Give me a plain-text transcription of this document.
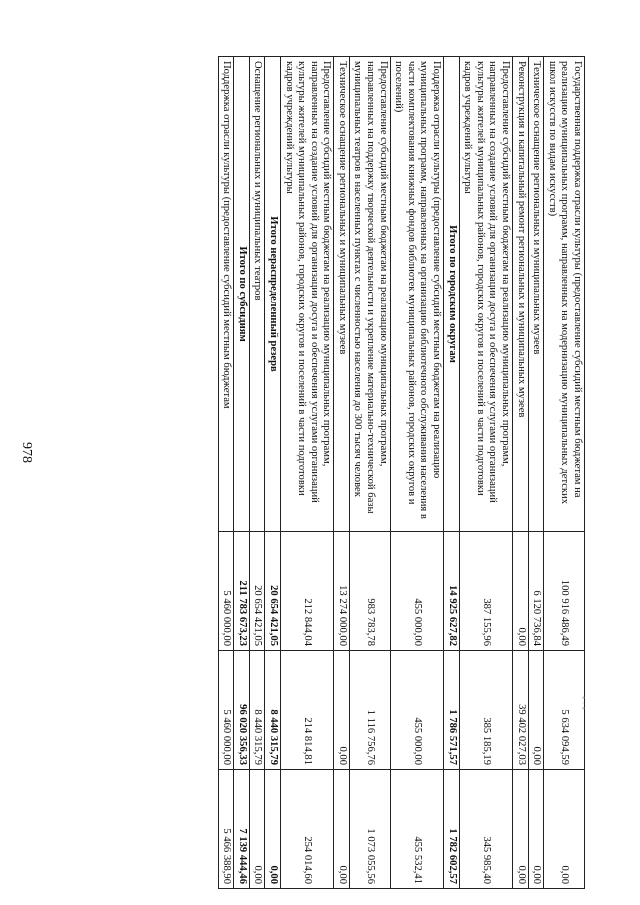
978	Государственная поддержка отрасли культуры (предоставление субсидий местным бюджетам на реализацию муниципальных программ, направленных на модернизацию муниципальных детских школ искусств по видам искусств)	100 916 486,49	5 634 094,59	0,00
Техническое оснащение региональных и муниципальных музеев	6 120 736,84	0,00	0,00
Реконструкция и капитальный ремонт региональных и муниципальных музеев	0,00	39 402 027,03	0,00
Предоставление субсидий местным бюджетам на реализацию муниципальных программ, направленных на создание условий для организации досуга и обеспечения услугами организаций культуры жителей муниципальных районов, городских округов и поселений в части подготовки кадров учреждений культуры	387 155,96	385 185,19	345 985,40
Итого по городским округам	14 925 627,82	1 786 571,57	1 782 602,57
Поддержка отрасли культуры (предоставление субсидий местным бюджетам на реализацию муниципальных программ, направленных на организацию библиотечного обслуживания населения в части комплектования книжных фондов библиотек муниципальных районов, городских округов и поселений)	455 000,00	455 000,00	455 532,41
Предоставление субсидий местным бюджетам на реализацию муниципальных программ, направленных на поддержку творческой деятельности и укрепление материально-технической базы муниципальных театров в населенных пунктах с численностью населения до 300 тысяч человек	983 783,78	1 116 756,76	1 073 055,56
Техническое оснащение региональных и муниципальных музеев	13 274 000,00	0,00	0,00
Предоставление субсидий местным бюджетам на реализацию муниципальных программ, направленных на создание условий для организации досуга и обеспечения услугами организаций культуры жителей муниципальных районов, городских округов и поселений в части подготовки кадров учреждений культуры	212 844,04	214 814,81	254 014,60
Итого нераспределенный резерв	20 654 421,05	8 440 315,79	0,00
Оснащение региональных и муниципальных театров	20 654 421,05	8 440 315,79	0,00
Итого по субсидиям	211 783 673,23	96 020 356,33	7 139 444,46
Поддержка отрасли культуры (предоставление субсидий местным бюджетам	5 460 000,00	5 460 000,00	5 466 388,90
• · •
